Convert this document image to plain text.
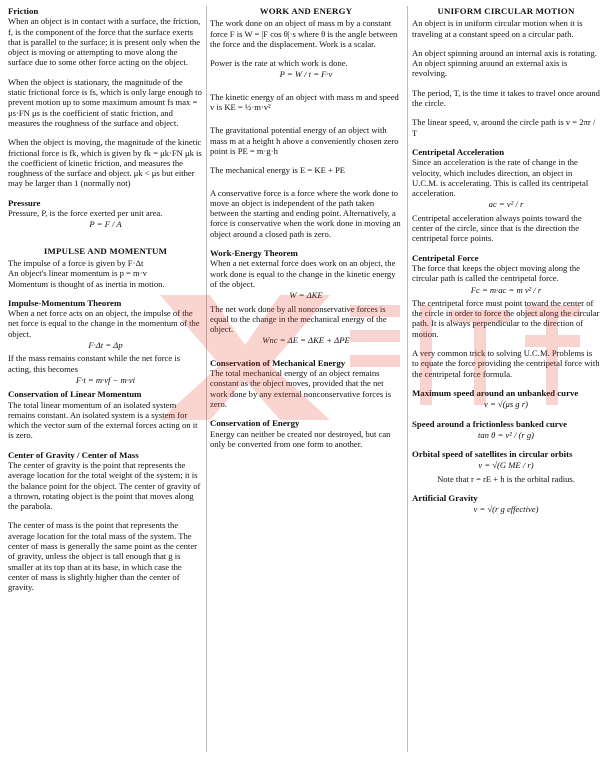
Friction

When an object is in contact with a surface, the friction, f, is the component of the force that the surface exerts that is parallel to the surface; it is present only when the object is moving or attempting to move along the surface due to some other force acting on the object.

When the object is stationary, the magnitude of the static frictional force is fs, which is only large enough to prevent motion up to some maximum amount fs max = μs·FN μs is the coefficient of static friction, and measures the roughness of the surface and object.

When the object is moving, the magnitude of the kinetic frictional force is fk, which is given by fk = μk·FN μk is the coefficient of kinetic friction, and measures the roughness of the surface and object. μk < μs but either may be larger than 1 (normally not)

Pressure
Pressure, P, is the force exerted per unit area.
P = F / A
IMPULSE AND MOMENTUM
The impulse of a force is given by F·Δt
An object's linear momentum is p = m·v

Momentum is thought of as inertia in motion.

Impulse-Momentum Theorem
When a net force acts on an object, the impulse of the net force is equal to the change in the momentum of the object.
F·Δt = Δp
If the mass remains constant while the net force is acting, this becomes
F·t = m·vf − m·vi
Conservation of Linear Momentum

The total linear momentum of an isolated system remains constant. An isolated system is a system for which the vector sum of the external forces acting on it is zero.

Center of Gravity / Center of Mass

The center of gravity is the point that represents the average location for the total weight of the system; it is the balance point for the object. The center of gravity of a thrown, rotating object is the point that moves along the parabola.

The center of mass is the point that represents the average location for the total mass of the system. The center of mass is generally the same point as the center of gravity, unless the object is tall enough that g is smaller at its top than at its base, in which case the center of mass is slightly higher than the center of gravity.

WORK AND ENERGY

The work done on an object of mass m by a constant force F is W = |F cos θ|·s where θ is the angle between the force and the displacement. Work is a scalar.

Power is the rate at which work is done.
P = W / t = F·v

The kinetic energy of an object with mass m and speed v is KE = ½·m·v²

The gravitational potential energy of an object with mass m at a height h above a conveniently chosen zero point is PE = m·g·h

The mechanical energy is E = KE + PE

A conservative force is a force where the work done to move an object is independent of the path taken between the starting and ending point. Alternatively, a force is conservative when the work done in moving an object around a closed path is zero.

Work-Energy Theorem
When a net external force does work on an object, the work done is equal to the change in the kinetic energy of the object.
W = ΔKE
The net work done by all nonconservative forces is equal to the change in the mechanical energy of the object.
Wnc = ΔE = ΔKE + ΔPE
Conservation of Mechanical Energy

The total mechanical energy of an object remains constant as the object moves, provided that the net work done by any external nonconservative forces is zero.

Conservation of Energy

Energy can neither be created nor destroyed, but can only be converted from one form to another.

UNIFORM CIRCULAR MOTION

An object is in uniform circular motion when it is traveling at a constant speed on a circular path.

An object spinning around an internal axis is rotating. An object spinning around an external axis is revolving.

The period, T, is the time it takes to travel once around the circle.

The linear speed, v, around the circle path is v = 2πr / T

Centripetal Acceleration
Since an acceleration is the rate of change in the velocity, which includes direction, an object in U.C.M. is accelerating. This is called its centripetal acceleration.
ac = v² / r

Centripetal acceleration always points toward the center of the circle, since that is the direction the centripetal force points.

Centripetal Force
The force that keeps the object moving along the circular path is called the centripetal force.
Fc = m·ac = m v² / r

The centripetal force must point toward the center of the circle in order to force the object along the circular path. It is always perpendicular to the direction of motion.

A very common trick to solving U.C.M. Problems is to equate the force providing the centripetal force with the centripetal force formula.

Maximum speed around an unbanked curve
v = √(μs g r)
Speed around a frictionless banked curve
tan θ = v² / (r g)
Orbital speed of satellites in circular orbits
v = √(G ME / r)

Note that r = rE + h is the orbital radius.

Artificial Gravity
v = √(r g effective)
